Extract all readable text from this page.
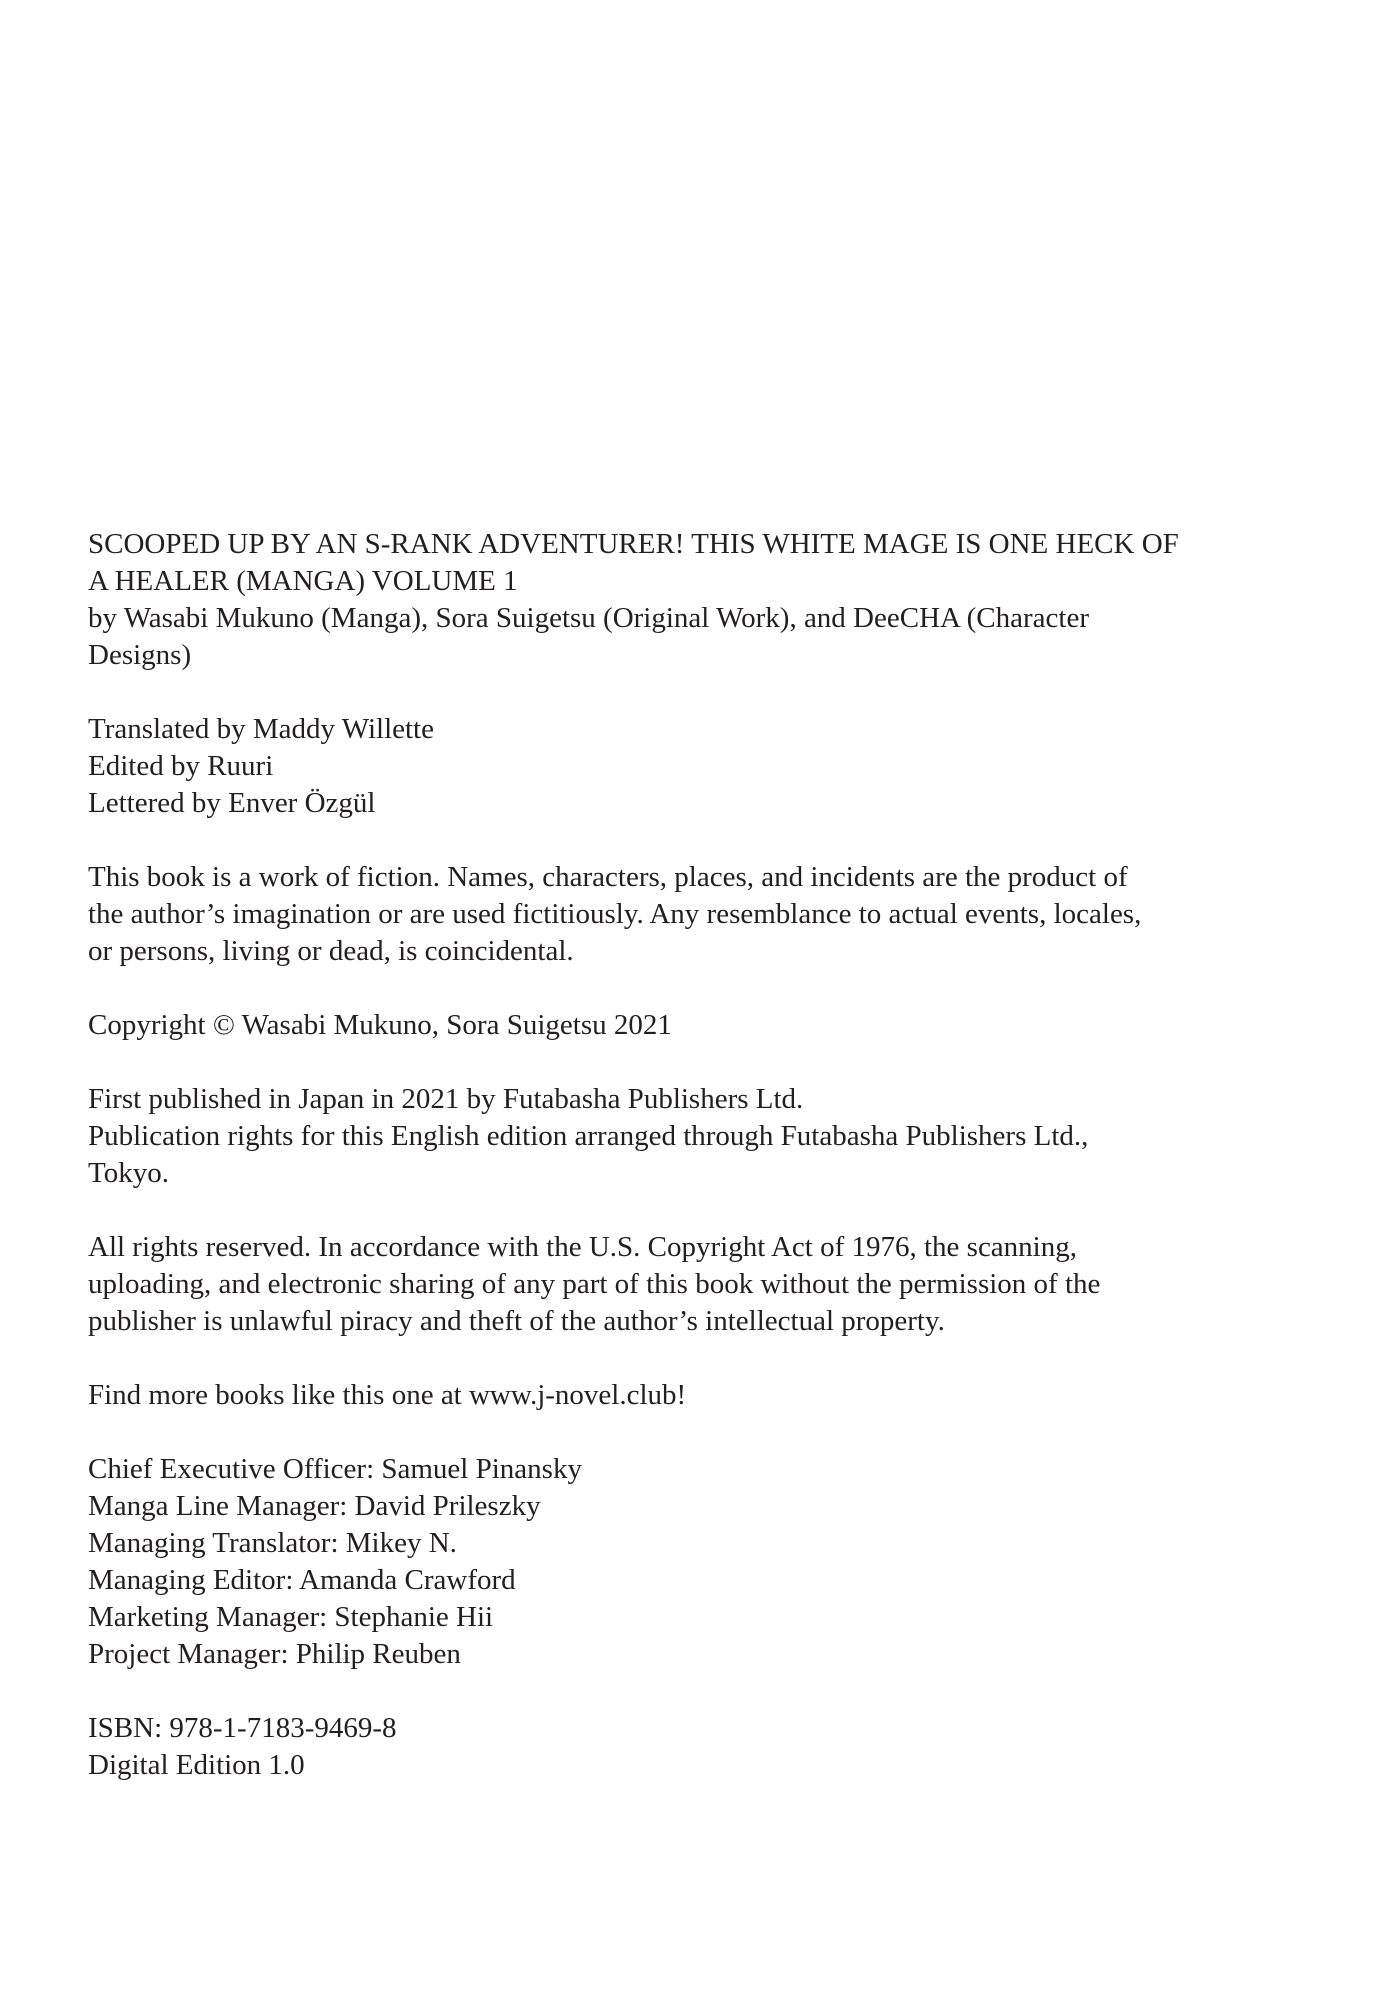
SCOOPED UP BY AN S-RANK ADVENTURER! THIS WHITE MAGE IS ONE HECK OF
A HEALER (MANGA) VOLUME 1
by Wasabi Mukuno (Manga), Sora Suigetsu (Original Work), and DeeCHA (Character
Designs)
Translated by Maddy Willette
Edited by Ruuri
Lettered by Enver Özgül
This book is a work of fiction. Names, characters, places, and incidents are the product of
the author’s imagination or are used fictitiously. Any resemblance to actual events, locales,
or persons, living or dead, is coincidental.
Copyright © Wasabi Mukuno, Sora Suigetsu 2021
First published in Japan in 2021 by Futabasha Publishers Ltd.
Publication rights for this English edition arranged through Futabasha Publishers Ltd.,
Tokyo.
All rights reserved. In accordance with the U.S. Copyright Act of 1976, the scanning,
uploading, and electronic sharing of any part of this book without the permission of the
publisher is unlawful piracy and theft of the author’s intellectual property.
Find more books like this one at www.j-novel.club!
Chief Executive Officer: Samuel Pinansky
Manga Line Manager: David Prileszky
Managing Translator: Mikey N.
Managing Editor: Amanda Crawford
Marketing Manager: Stephanie Hii
Project Manager: Philip Reuben
ISBN: 978-1-7183-9469-8
Digital Edition 1.0
